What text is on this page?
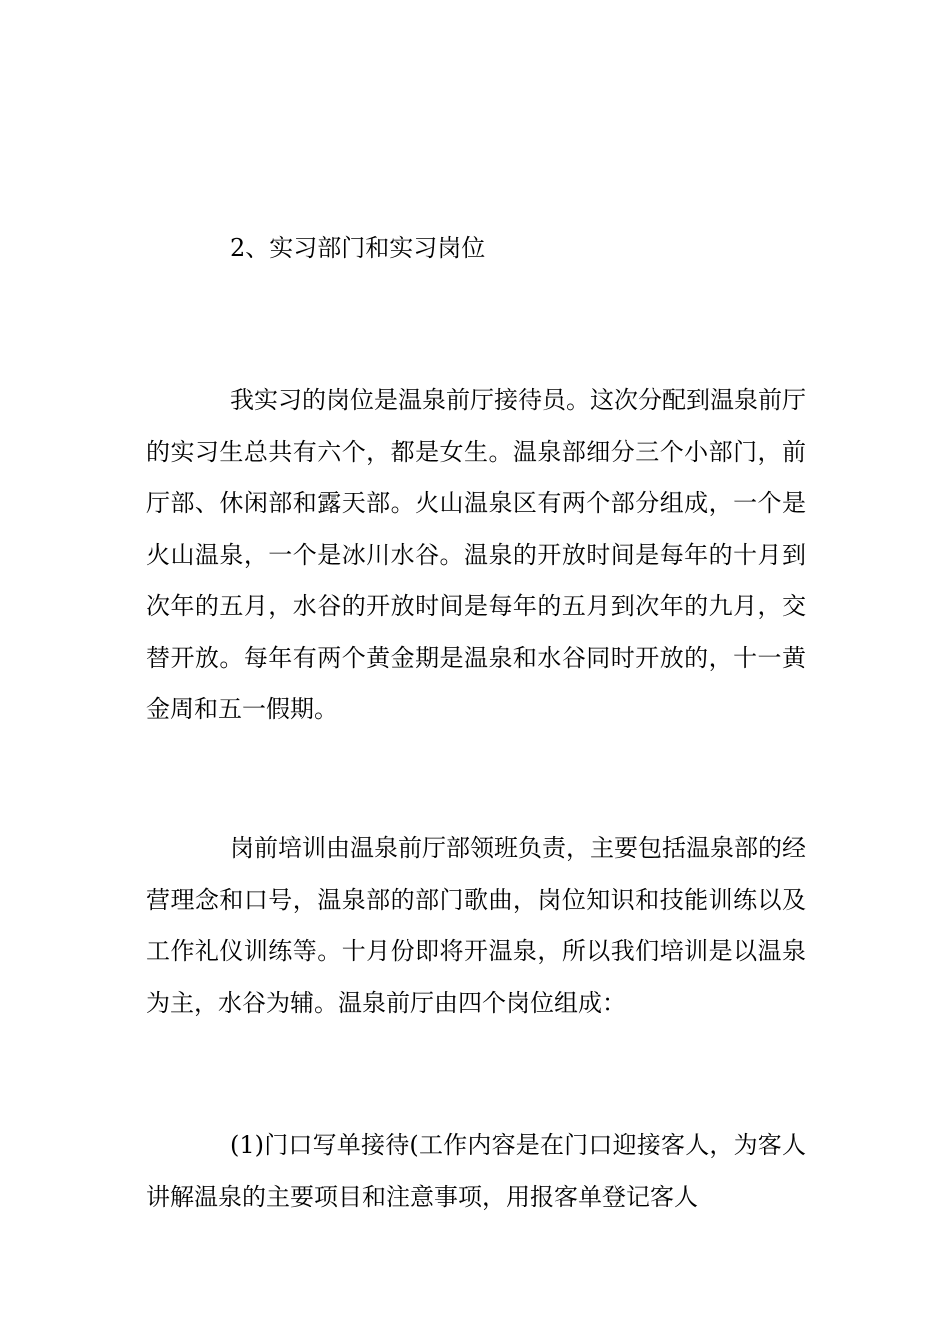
2、实习部门和实习岗位

我实习的岗位是温泉前厅接待员。这次分配到温泉前厅的实习生总共有六个，都是女生。温泉部细分三个小部门，前厅部、休闲部和露天部。火山温泉区有两个部分组成，一个是火山温泉，一个是冰川水谷。温泉的开放时间是每年的十月到次年的五月，水谷的开放时间是每年的五月到次年的九月，交替开放。每年有两个黄金期是温泉和水谷同时开放的，十一黄金周和五一假期。

岗前培训由温泉前厅部领班负责，主要包括温泉部的经营理念和口号，温泉部的部门歌曲，岗位知识和技能训练以及工作礼仪训练等。十月份即将开温泉，所以我们培训是以温泉为主，水谷为辅。温泉前厅由四个岗位组成：

(1)门口写单接待(工作内容是在门口迎接客人，为客人讲解温泉的主要项目和注意事项，用报客单登记客人
